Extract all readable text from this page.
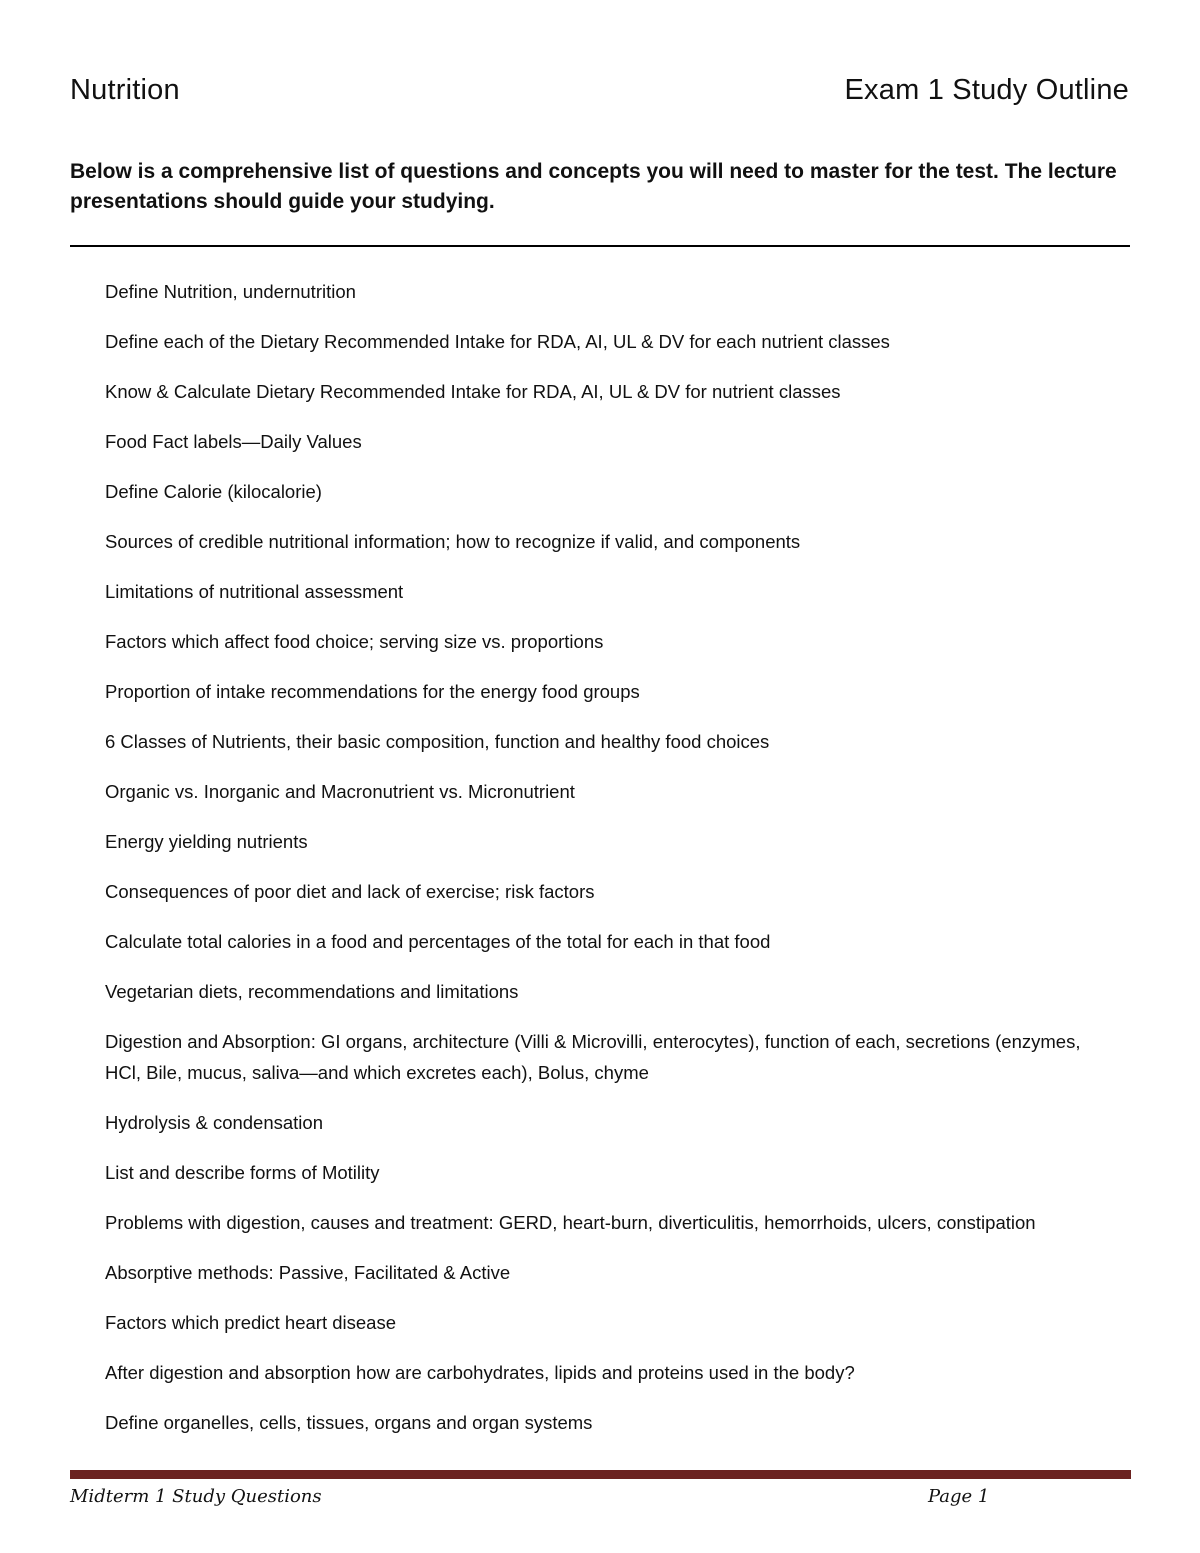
Nutrition	Exam 1 Study Outline
Below is a comprehensive list of questions and concepts you will need to master for the test. The lecture presentations should guide your studying.
Define Nutrition, undernutrition
Define each of the Dietary Recommended Intake for RDA, AI, UL & DV for each nutrient classes
Know & Calculate Dietary Recommended Intake for RDA, AI, UL & DV for nutrient classes
Food Fact labels—Daily Values
Define Calorie (kilocalorie)
Sources of credible nutritional information; how to recognize if valid, and components
Limitations of nutritional assessment
Factors which affect food choice; serving size vs. proportions
Proportion of intake recommendations for the energy food groups
6 Classes of Nutrients, their basic composition, function and healthy food choices
Organic vs. Inorganic and Macronutrient vs. Micronutrient
Energy yielding nutrients
Consequences of poor diet and lack of exercise; risk factors
Calculate total calories in a food and percentages of the total for each in that food
Vegetarian diets, recommendations and limitations
Digestion and Absorption: GI organs, architecture (Villi & Microvilli, enterocytes), function of each, secretions (enzymes, HCl, Bile, mucus, saliva—and which excretes each), Bolus, chyme
Hydrolysis & condensation
List and describe forms of Motility
Problems with digestion, causes and treatment: GERD, heart-burn, diverticulitis, hemorrhoids, ulcers, constipation
Absorptive methods: Passive, Facilitated & Active
Factors which predict heart disease
After digestion and absorption how are carbohydrates, lipids and proteins used in the body?
Define organelles, cells, tissues, organs and organ systems
Midterm 1 Study Questions	Page 1
